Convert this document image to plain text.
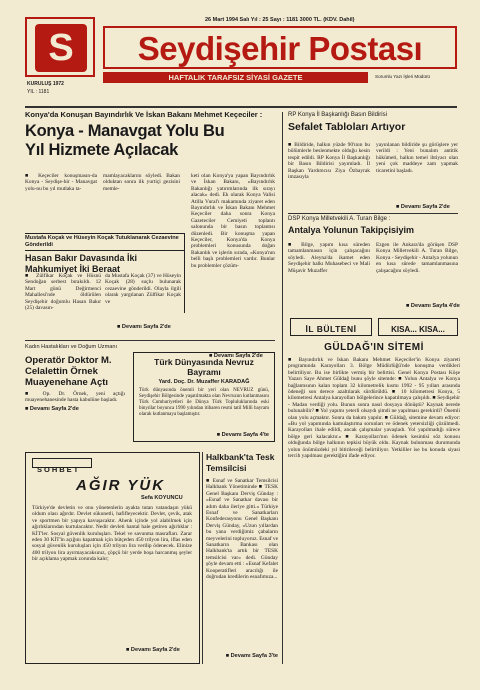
S
KURULUŞ 1972
YIL : 1181
26 Mart 1994 Salı Yıl : 25 Sayı : 1181 3000 TL. (KDV. Dahil)
Seydişehir Postası
HAFTALIK TARAFSIZ SİYASİ GAZETE	Sorumlu Yazı İşleri Müdürü
Konya'da Konuşan Bayındırlık Ve İskan Bakanı Mehmet Keçeciler :
Konya - Manavgat Yolu Bu
Yıl Hizmete Açılacak
■ Keçeciler konuşmasın-da Konya - Seydişe-hir - Manavgat yolu-nu bu yıl mutlaka ta-
mamlayacaklarını söyledi. Bakan olduktan sonra ilk yurtiçi gezisini memle-
keti olan Konya'ya yapan Bayındırlık ve İskan Bakanı, «Bayındırlık Bakanlığı yatırımlarında ilk sırayı alacak» dedi. Ek olarak Konya Valisi Atilla Vural'ı makamında ziyaret eden Bayındırlık ve İskan Bakanı Mehmet Keçeciler daha sonra Konya Gazeteciler Cemiyeti toplantı salonunda bir basın toplantısı düzenledi. Bir konuşma yapan Keçeciler, Konya'da Konya problemleri konusunda doğan Bakanlık ve işlerin sırada, «Konya'nın belli başlı problemleri vardır. Bunlar bu problemler çözüm-
■ Devamı Sayfa 2'de
Mustafa Koçak ve Hüseyin Koçak Tutuklanarak Cezaevine Gönderildi
Hasan Bakır Davasında İki Mahkumiyet İki Beraat
■ Zülfikar Koçak ve Hüsnü Sendoğan serbest bırakıldı. 12 Mart günü Değirmenci Mahallesi'nde öldürülen Seydişehir doğumlu Hasan Bakır (25) davasın-
da Mustafa Koçak (37) ve Hüseyin Koçak (28) suçlu bulunarak cezaevine gönderildi. Olayla ilgili olarak yargılanan Zülfikar Koçak ve
■ Devamı Sayfa 2'de
Kadın Hastalıkları ve Doğum Uzmanı
Operatör Doktor M. Celalettin Örnek Muayenehane Açtı
■ Op. Dr. Örnek, yeni açtığı muayenehanesinde hasta kabulüne başladı.
■ Devamı Sayfa 2'de
Türk Dünyasında Nevruz Bayramı
Yard. Doç. Dr. Muzaffer KARADAĞ
Türk dünyasında önemli bir yeri olan NEVRUZ günü, Seydişehir Bölgesinde yaşatılmakta olan Nevruzun kutlanmasını Türk Cumhuriyetleri ile Dünya Türk Topluluklarında eski binyıllar boyunca 1990 yılından itibaren resmi tatil Milli bayram olarak kutlanmaya başlamıştır.
■ Devamı Sayfa 4'te
SOHBET
AĞIR YÜK
Sefa KOYUNCU
Türkiye'de devletin ve onu yönetenlerin ayakta tutan vatandaşın yükü oldum olası ağırdır. Devlet sükunetli, hafifleyecektir. Devlet, çevik, atak ve sportmen bir yapıya kavuşacaktır. Ahenk içinde yol alabilmek için ağırlıklarından kurtulacaktır. Nedir devleti hantal hale getiren ağırlıklar : KİT'ler. Sosyal güvenlik kuruluşları. Tekel ve savunma masrafları. Zarar eden 30 KİT'in açığını kapatmak için bütçeden 450 trilyon lira, iflas eden sosyal güvenlik kuruluşları için 450 trilyon lira verilip ödenecek. Elinize 400 trilyon lira ayırmayacaksınız, çöpçü bir yerde boşa harcanmış şeyler bir açıklama yapmak zorunda kalır;
■ Devamı Sayfa 2'de
Halkbank'ta Tesk Temsilcisi
■ Esnaf ve Sanatkar Temsilcisi Halkbank Yönetiminde ■ TESK Genel Başkanı Derviş Günday : «Esnaf ve Sanatkar davası bir adım daha ileriye gitti.» Türkiye Esnaf ve Sanatkarları Konfederasyonu Genel Başkanı Derviş Günday, «Uzun yıllardan bu yana verdiğimiz çabaların meyvelerini topluyoruz. Esnaf ve Sanatkarın Bankası olan Halkbank'ta artık bir TESK temsilcisi var» dedi. Günday şöyle devam etti : «Esnaf Kefalet Kooperatifleri aracılığı ile doğrudan kredilerin esnafımıza...
■ Devamı Sayfa 3'te
RP Konya İl Başkanlığı Basın Bildirisi
Sefalet Tabloları Artıyor
■ Bildiride, halkın yüzde 90'ının bu bölümlerle beslenmekte olduğu kesin tespit edildi. RP Konya İl Başkanlığı bir Basın Bildirisi yayımladı. İl Başkan Yardımcısı Ziya Özbayrak imzasıyla
yayınlanan bildiride şu görüşlere yer verildi : Yeni bunalım antitik hükümeti, halkın temel ihtiyacı olan yeni çok maddeye zam yapmak ticaretini başladı.
■ Devamı Sayfa 2'de
DSP Konya Milletvekili A. Turan Bilge :
Antalya Yolunun Takipçisiyim
■ Bilge, yapım kısa süreden tamamlanmasın için çalışacağını söyledi. Aleyna'da ikamet eden Seydişehir halkı Muhasebeci ve Mali Müşavir Muzaffer
Ezgen ile Ankara'da görüşen DSP Konya Milletvekili A. Turan Bilge, Konya - Seydişehir - Antalya yolunun en kısa sürede tamamlanmasına çalışacağını söyledi.
■ Devamı Sayfa 4'de
İL BÜLTENİ	KISA... KISA...
GÜLDAĞ'IN SİTEMİ
■ Bayındırlık ve İskan Bakanı Mehmet Keçeciler'in Konya ziyareti programında Karayolları 3. Bölge Müdürlüğü'nde konuşma verdikleri belirtiliyor. Bu ise birlikte vermiş bir belirtisi. Genel Konya Postası Köşe Yazarı Saye Ahmet Güldağ bunu şöyle sitemde: ■ Yolun Antalya ve Konya bağlantısının kalan toplam 32 kilometrelik kısmı 1992 - 95 yılları arasında ödeneği son derece azaltılarak sürdürüldü. ■ 10 kilometresi Konya, 5 kilometresi Antalya karayolları bölgelerince kapatılmaya çalışıldı. ■ Seydişehir - Madan verdiği yolu. Bunun sonra nasıl dosyaya dönüştü? Kaynak nerede bulunabilir? ■ Yol yapımı yeterli olsaydı şimdi ne yapılması gerekirdi? Önemli olan yolu açmaktır. Sonra da bakım yapılır. ■ Güldağ, sitemine devam ediyor: «Bu yol yapımında kamulaştırma sorunları ve ödenek yetersizliği çözülmedi. Karayolları ihale edildi, ancak çalışmalar yavaşladı. Yol yapılmadığı sürece bölge geri kalacaktır.» ■ Karayolları'nın ödenek kesintisi söz konusu olduğunda bölge halkının tepkisi büyük oldu. Kaynak bulunması durumunda yolun önümüzdeki yıl bitirileceği belirtiliyor. Yetkililer ise bu konuda siyasi tercih yapılması gerektiğini ifade ediyor.
